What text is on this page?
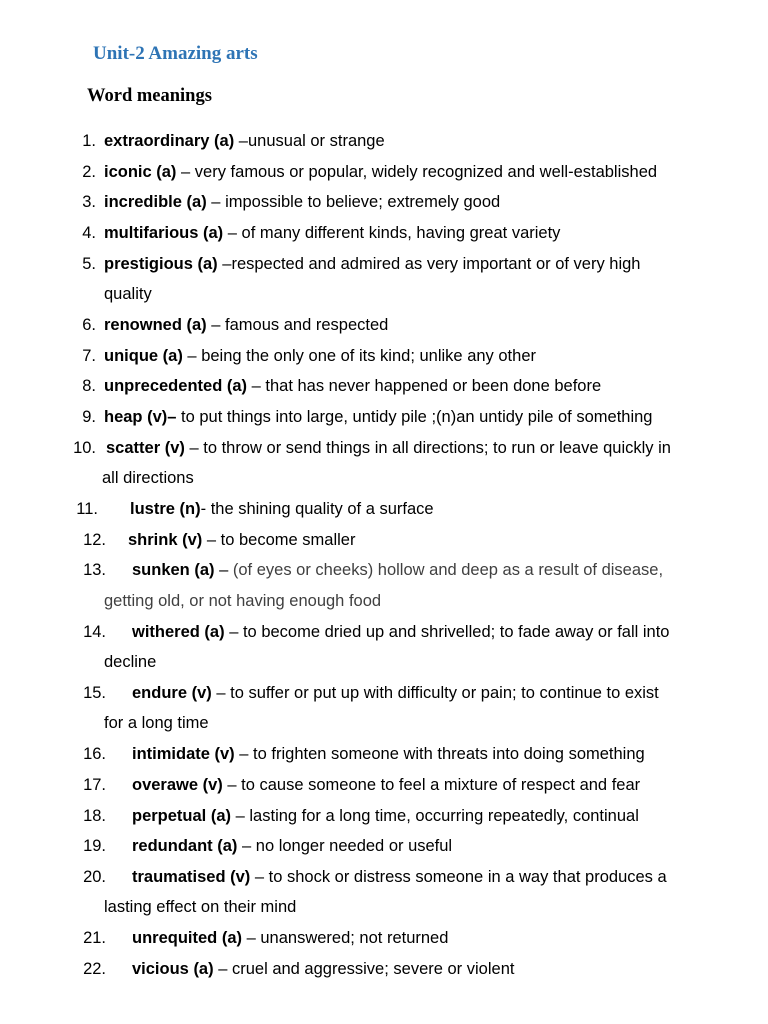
Unit-2 Amazing arts
Word meanings
1. extraordinary (a) –unusual or strange
2. iconic (a) – very famous or popular, widely recognized and well-established
3. incredible (a) – impossible to believe; extremely good
4. multifarious (a) – of many different kinds, having great variety
5. prestigious (a) –respected and admired as very important or of very high
quality
6. renowned (a) – famous and respected
7. unique (a) – being the only one of its kind; unlike any other
8. unprecedented (a) – that has never happened or been done before
9. heap (v)– to put things into large, untidy pile ;(n)an untidy pile of something
10. scatter (v) – to throw or send things in all directions; to run or leave quickly in
all directions
11. lustre (n)- the shining quality of a surface
12. shrink (v) – to become smaller
13. sunken (a) – (of eyes or cheeks) hollow and deep as a result of disease,
getting old, or not having enough food
14. withered (a) – to become dried up and shrivelled; to fade away or fall into
decline
15. endure (v) – to suffer or put up with difficulty or pain; to continue to exist
for a long time
16. intimidate (v) – to frighten someone with threats into doing something
17. overawe (v) – to cause someone to feel a mixture of respect and fear
18. perpetual (a) – lasting for a long time, occurring repeatedly, continual
19. redundant (a) – no longer needed or useful
20. traumatised (v) – to shock or distress someone in a way that produces a
lasting effect on their mind
21. unrequited (a) – unanswered; not returned
22. vicious (a) – cruel and aggressive; severe or violent
